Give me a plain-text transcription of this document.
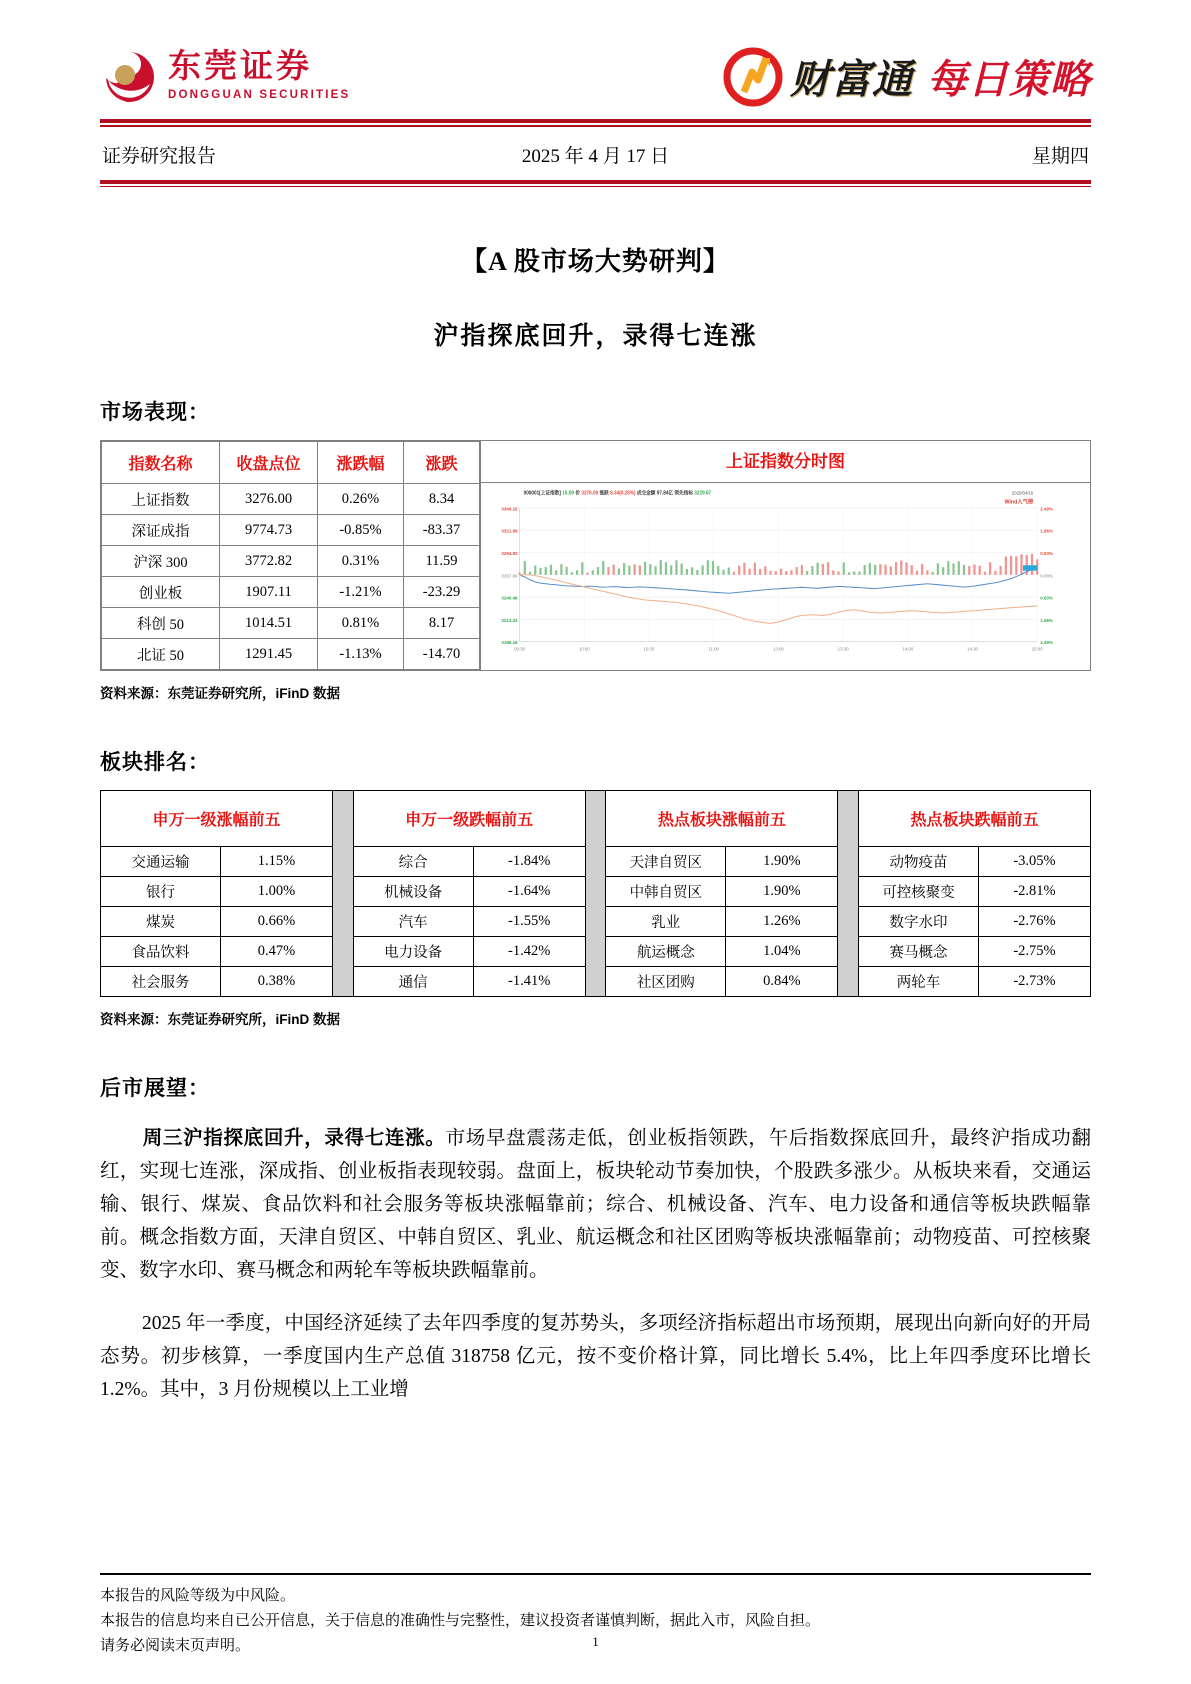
东莞证券
DONGGUAN SECURITIES	财富通 每日策略
证券研究报告	2025 年 4 月 17 日	星期四
【A 股市场大势研判】
沪指探底回升，录得七连涨
市场表现：
指数名称	收盘点位	涨跌幅	涨跌
上证指数	3276.00	0.26%	8.34
深证成指	9774.73	-0.85%	-83.37
沪深 300	3772.82	0.31%	11.59
创业板	1907.11	-1.21%	-23.29
科创 50	1014.51	0.81%	8.17
北证 50	1291.45	-1.13%	-14.70
上证指数分时图
3349.16	2.49%
3321.99	1.66%
3294.83	0.83%
3267.66	0.00%
3240.49	0.83%
3213.33	1.66%
3186.16	2.49%
09:30	10:00	10:30	11:00	13:00	13:30	14:00	14:30	15:00
000001[上证指数] 15:00 价 3276.00 涨跌 8.34(0.26%) 成交金额 97.84亿 领先指标 3229.67	2025/04/16
Wind人气榜
资料来源：东莞证券研究所，iFinD 数据
板块排名：
申万一级涨幅前五	
交通运输	1.15%
银行	1.00%
煤炭	0.66%
食品饮料	0.47%
社会服务	0.38%
申万一级跌幅前五	
综合	-1.84%
机械设备	-1.64%
汽车	-1.55%
电力设备	-1.42%
通信	-1.41%
热点板块涨幅前五	
天津自贸区	1.90%
中韩自贸区	1.90%
乳业	1.26%
航运概念	1.04%
社区团购	0.84%
热点板块跌幅前五	
动物疫苗	-3.05%
可控核聚变	-2.81%
数字水印	-2.76%
赛马概念	-2.75%
两轮车	-2.73%
资料来源：东莞证券研究所，iFinD 数据
后市展望：
周三沪指探底回升，录得七连涨。市场早盘震荡走低，创业板指领跌，午后指数探底回升，最终沪指成功翻红，实现七连涨，深成指、创业板指表现较弱。盘面上，板块轮动节奏加快，个股跌多涨少。从板块来看，交通运输、银行、煤炭、食品饮料和社会服务等板块涨幅靠前；综合、机械设备、汽车、电力设备和通信等板块跌幅靠前。概念指数方面，天津自贸区、中韩自贸区、乳业、航运概念和社区团购等板块涨幅靠前；动物疫苗、可控核聚变、数字水印、赛马概念和两轮车等板块跌幅靠前。
2025 年一季度，中国经济延续了去年四季度的复苏势头，多项经济指标超出市场预期，展现出向新向好的开局态势。初步核算，一季度国内生产总值 318758 亿元，按不变价格计算，同比增长 5.4%，比上年四季度环比增长 1.2%。其中，3 月份规模以上工业增

本报告的风险等级为中风险。

本报告的信息均来自已公开信息，关于信息的准确性与完整性，建议投资者谨慎判断，据此入市，风险自担。

请务必阅读末页声明。	1
